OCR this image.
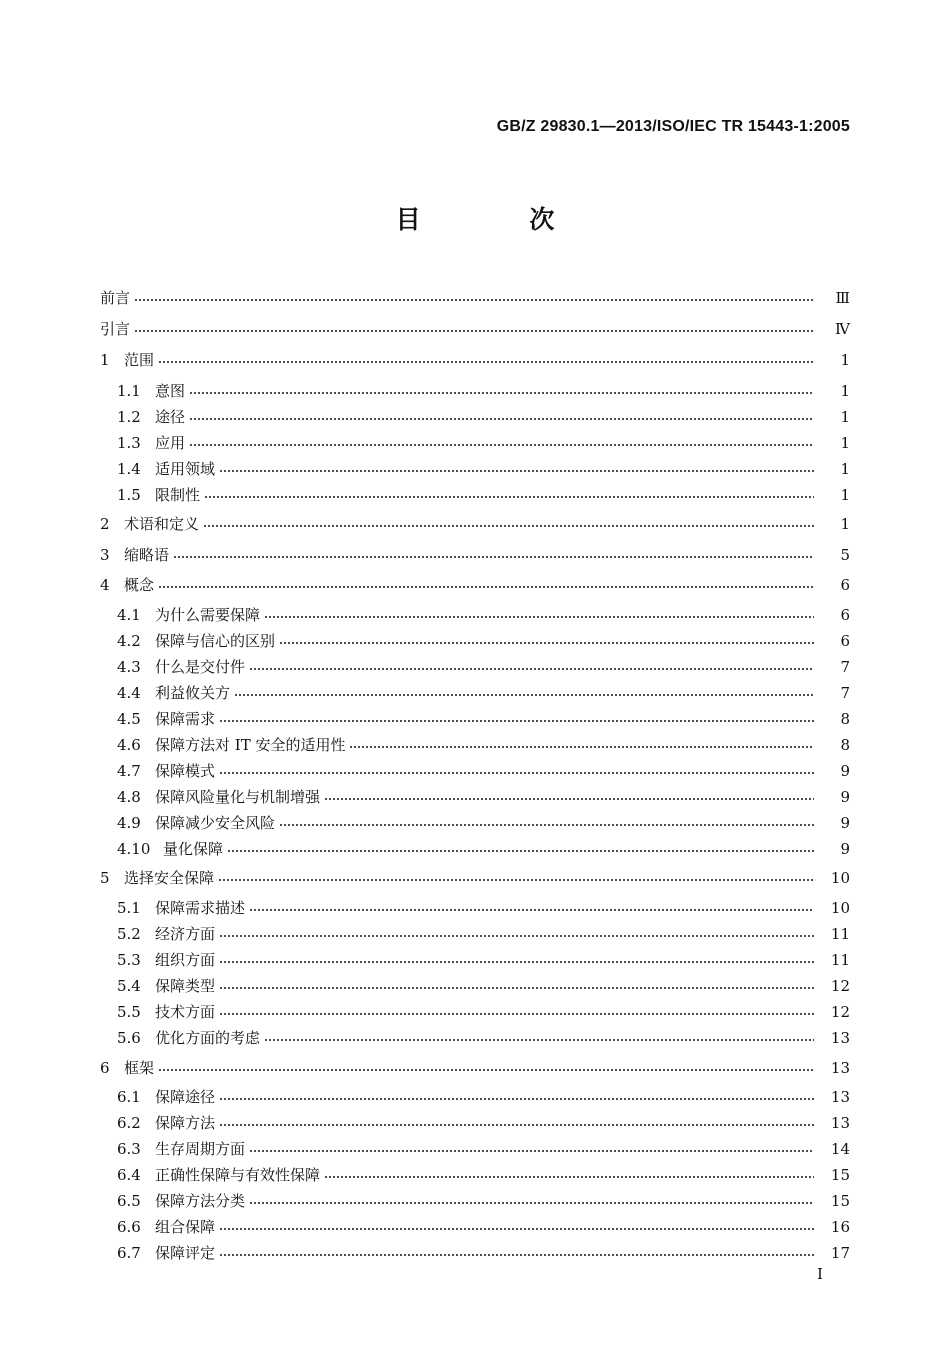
GB/Z 29830.1—2013/ISO/IEC TR 15443-1:2005
目 次
前言	Ⅲ
引言	Ⅳ
1 范围	1
1.1 意图	1
1.2 途径	1
1.3 应用	1
1.4 适用领域	1
1.5 限制性	1
2 术语和定义	1
3 缩略语	5
4 概念	6
4.1 为什么需要保障	6
4.2 保障与信心的区别	6
4.3 什么是交付件	7
4.4 利益攸关方	7
4.5 保障需求	8
4.6 保障方法对 IT 安全的适用性	8
4.7 保障模式	9
4.8 保障风险量化与机制增强	9
4.9 保障减少安全风险	9
4.10 量化保障	9
5 选择安全保障	10
5.1 保障需求描述	10
5.2 经济方面	11
5.3 组织方面	11
5.4 保障类型	12
5.5 技术方面	12
5.6 优化方面的考虑	13
6 框架	13
6.1 保障途径	13
6.2 保障方法	13
6.3 生存周期方面	14
6.4 正确性保障与有效性保障	15
6.5 保障方法分类	15
6.6 组合保障	16
6.7 保障评定	17
I
